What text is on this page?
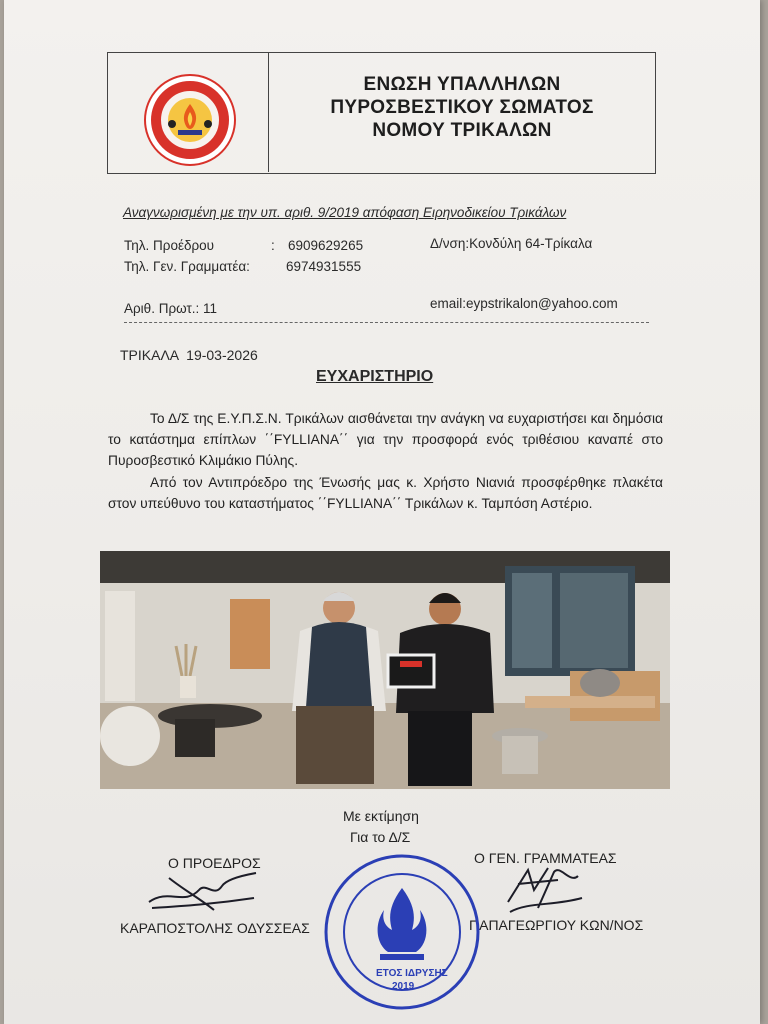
ΕΝΩΣΗ ΥΠΑΛΛΗΛΩΝ
ΠΥΡΟΣΒΕΣΤΙΚΟΥ ΣΩΜΑΤΟΣ
ΝΟΜΟΥ ΤΡΙΚΑΛΩΝ
Αναγνωρισμένη με την υπ. αριθ. 9/2019 απόφαση Ειρηνοδικείου Τρικάλων
Τηλ. Προέδρου	: 6909629265	Δ/νση:Κονδύλη 64-Τρίκαλα
Τηλ. Γεν. Γραμματέα:	6974931555
Αριθ. Πρωτ.: 11	email:eypstrikalon@yahoo.com
ΤΡΙΚΑΛΑ  19-03-2026
ΕΥΧΑΡΙΣΤΗΡΙΟ
Το Δ/Σ της Ε.Υ.Π.Σ.Ν. Τρικάλων αισθάνεται την ανάγκη να ευχαριστήσει και δημόσια το κατάστημα επίπλων ΄΄FYLLIANA΄΄ για την προσφορά ενός τριθέσιου καναπέ στο Πυροσβεστικό Κλιμάκιο Πύλης.
Από τον Αντιπρόεδρο της Ένωσής μας κ. Χρήστο Νιανιά προσφέρθηκε πλακέτα στον υπεύθυνο του καταστήματος ΄΄FYLLIANA΄΄ Τρικάλων κ. Ταμπόση Αστέριο.
Με εκτίμηση
Για το Δ/Σ
Ο ΠΡΟΕΔΡΟΣ	Ο ΓΕΝ. ΓΡΑΜΜΑΤΕΑΣ
ΚΑΡΑΠΟΣΤΟΛΗΣ ΟΔΥΣΣΕΑΣ	ΠΑΠΑΓΕΩΡΓΙΟΥ ΚΩΝ/ΝΟΣ
ΕΤΟΣ ΙΔΡΥΣΗΣ
2019
